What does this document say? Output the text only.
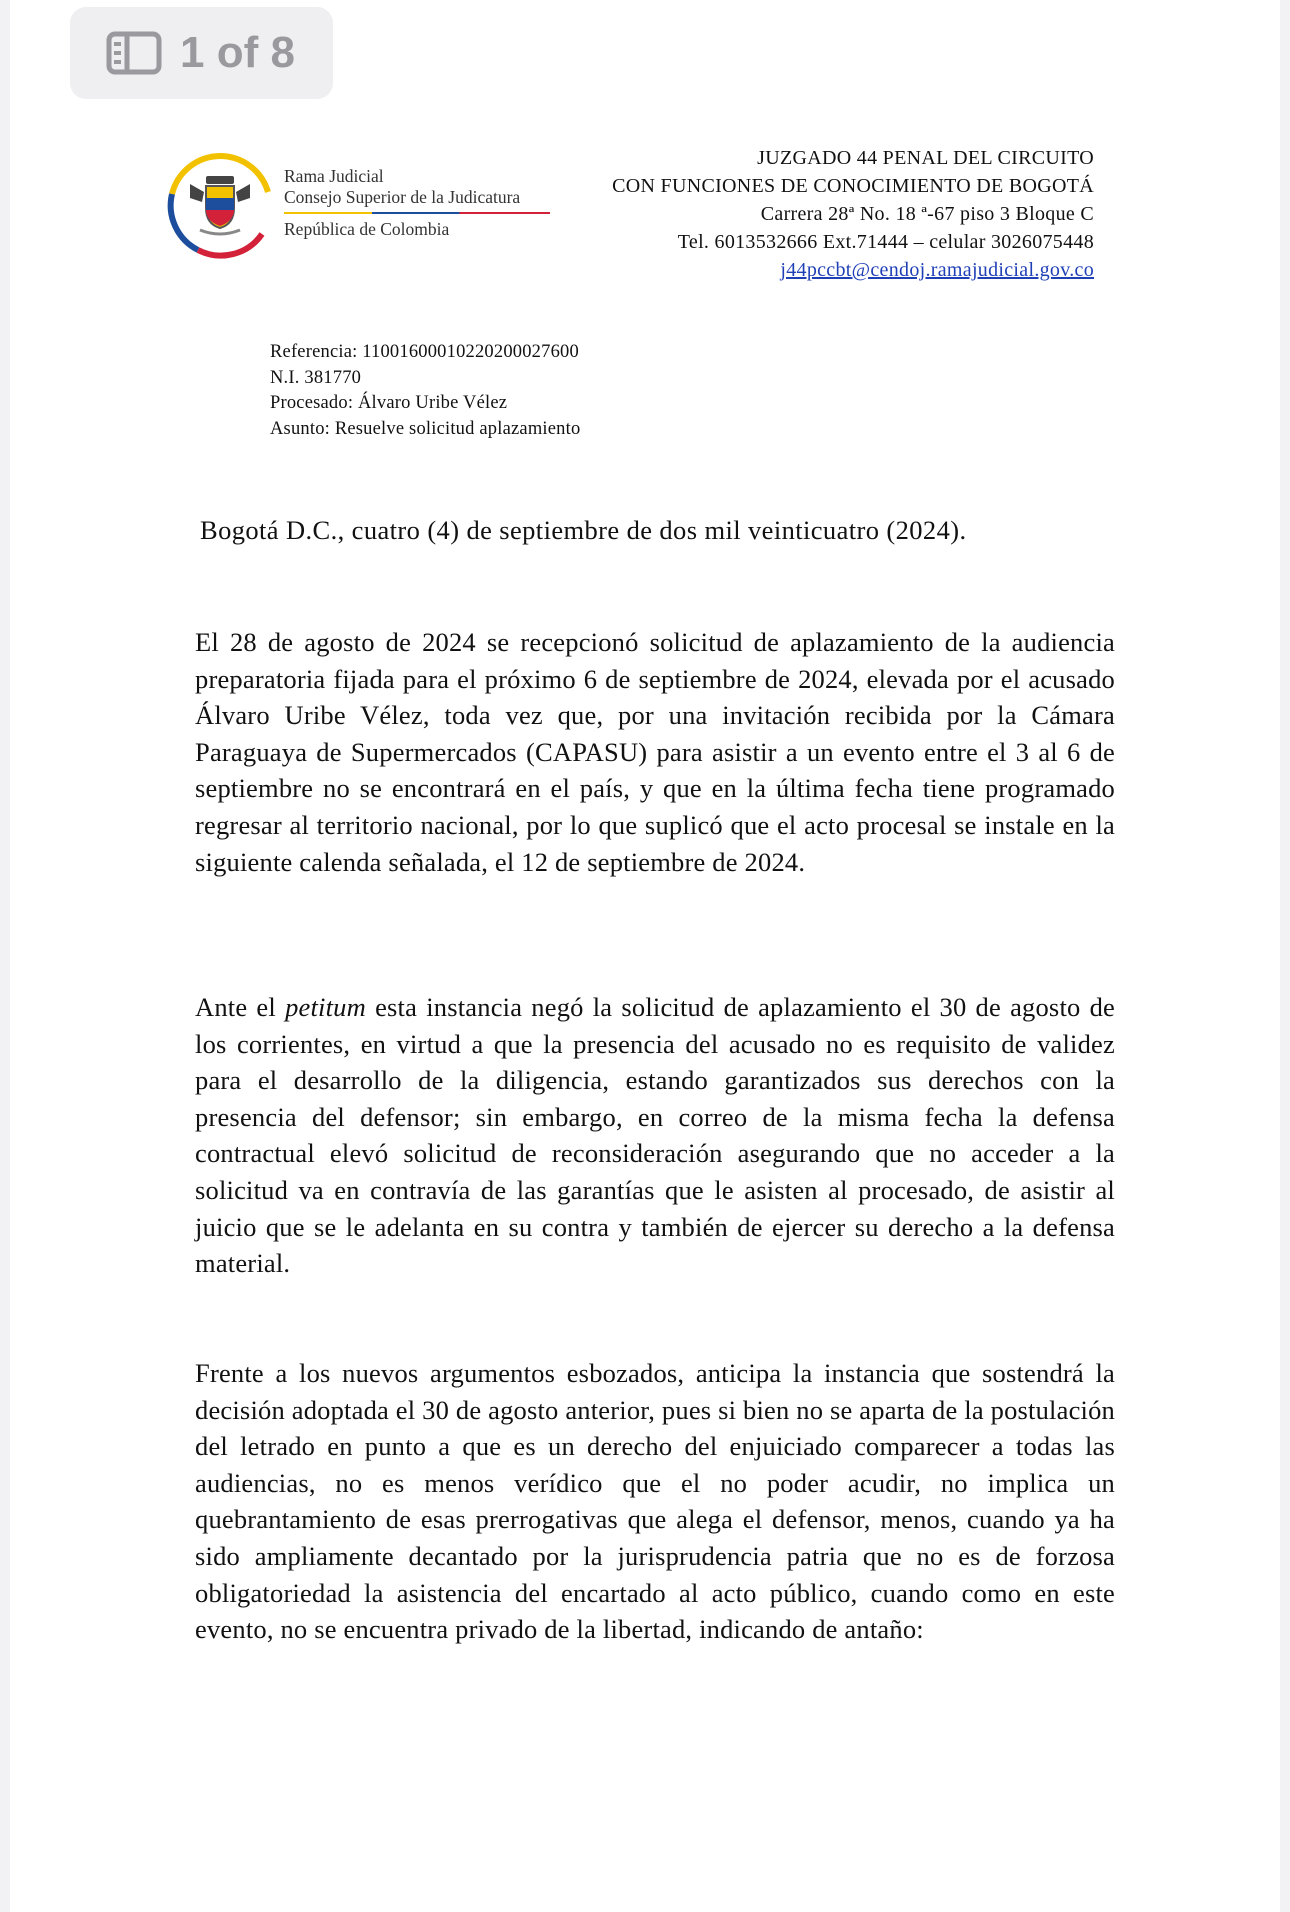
1 of 8
Rama Judicial
Consejo Superior de la Judicatura
República de Colombia
JUZGADO 44 PENAL DEL CIRCUITO
CON FUNCIONES DE CONOCIMIENTO DE BOGOTÁ
Carrera 28ª No. 18 ª-67 piso 3 Bloque C
Tel. 6013532666 Ext.71444 – celular 3026075448
j44pccbt@cendoj.ramajudicial.gov.co
Referencia: 11001600010220200027600
N.I. 381770
Procesado: Álvaro Uribe Vélez
Asunto: Resuelve solicitud aplazamiento
Bogotá D.C., cuatro (4) de septiembre de dos mil veinticuatro (2024).
El 28 de agosto de 2024 se recepcionó solicitud de aplazamiento de la audiencia preparatoria fijada para el próximo 6 de septiembre de 2024, elevada por el acusado Álvaro Uribe Vélez, toda vez que, por una invitación recibida por la Cámara Paraguaya de Supermercados (CAPASU) para asistir a un evento entre el 3 al 6 de septiembre no se encontrará en el país, y que en la última fecha tiene programado regresar al territorio nacional, por lo que suplicó que el acto procesal se instale en la siguiente calenda señalada, el 12 de septiembre de 2024.
Ante el petitum esta instancia negó la solicitud de aplazamiento el 30 de agosto de los corrientes, en virtud a que la presencia del acusado no es requisito de validez para el desarrollo de la diligencia, estando garantizados sus derechos con la presencia del defensor; sin embargo, en correo de la misma fecha la defensa contractual elevó solicitud de reconsideración asegurando que no acceder a la solicitud va en contravía de las garantías que le asisten al procesado, de asistir al juicio que se le adelanta en su contra y también de ejercer su derecho a la defensa material.
Frente a los nuevos argumentos esbozados, anticipa la instancia que sostendrá la decisión adoptada el 30 de agosto anterior, pues si bien no se aparta de la postulación del letrado en punto a que es un derecho del enjuiciado comparecer a todas las audiencias, no es menos verídico que el no poder acudir, no implica un quebrantamiento de esas prerrogativas que alega el defensor, menos, cuando ya ha sido ampliamente decantado por la jurisprudencia patria que no es de forzosa obligatoriedad la asistencia del encartado al acto público, cuando como en este evento, no se encuentra privado de la libertad, indicando de antaño:
